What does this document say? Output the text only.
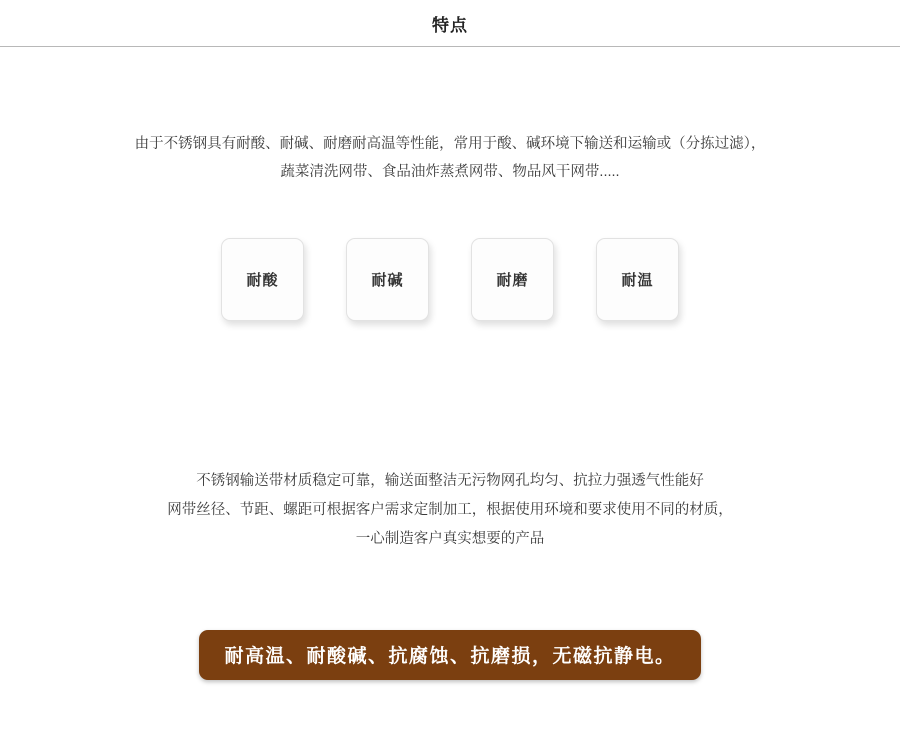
特点
由于不锈钢具有耐酸、耐碱、耐磨耐高温等性能，常用于酸、碱环境下输送和运输或（分拣过滤），
蔬菜清洗网带、食品油炸蒸煮网带、物品风干网带.....
耐酸	耐碱	耐磨	耐温
不锈钢输送带材质稳定可靠，输送面整洁无污物网孔均匀、抗拉力强透气性能好
网带丝径、节距、螺距可根据客户需求定制加工，根据使用环境和要求使用不同的材质，
一心制造客户真实想要的产品
耐高温、耐酸碱、抗腐蚀、抗磨损，无磁抗静电。
